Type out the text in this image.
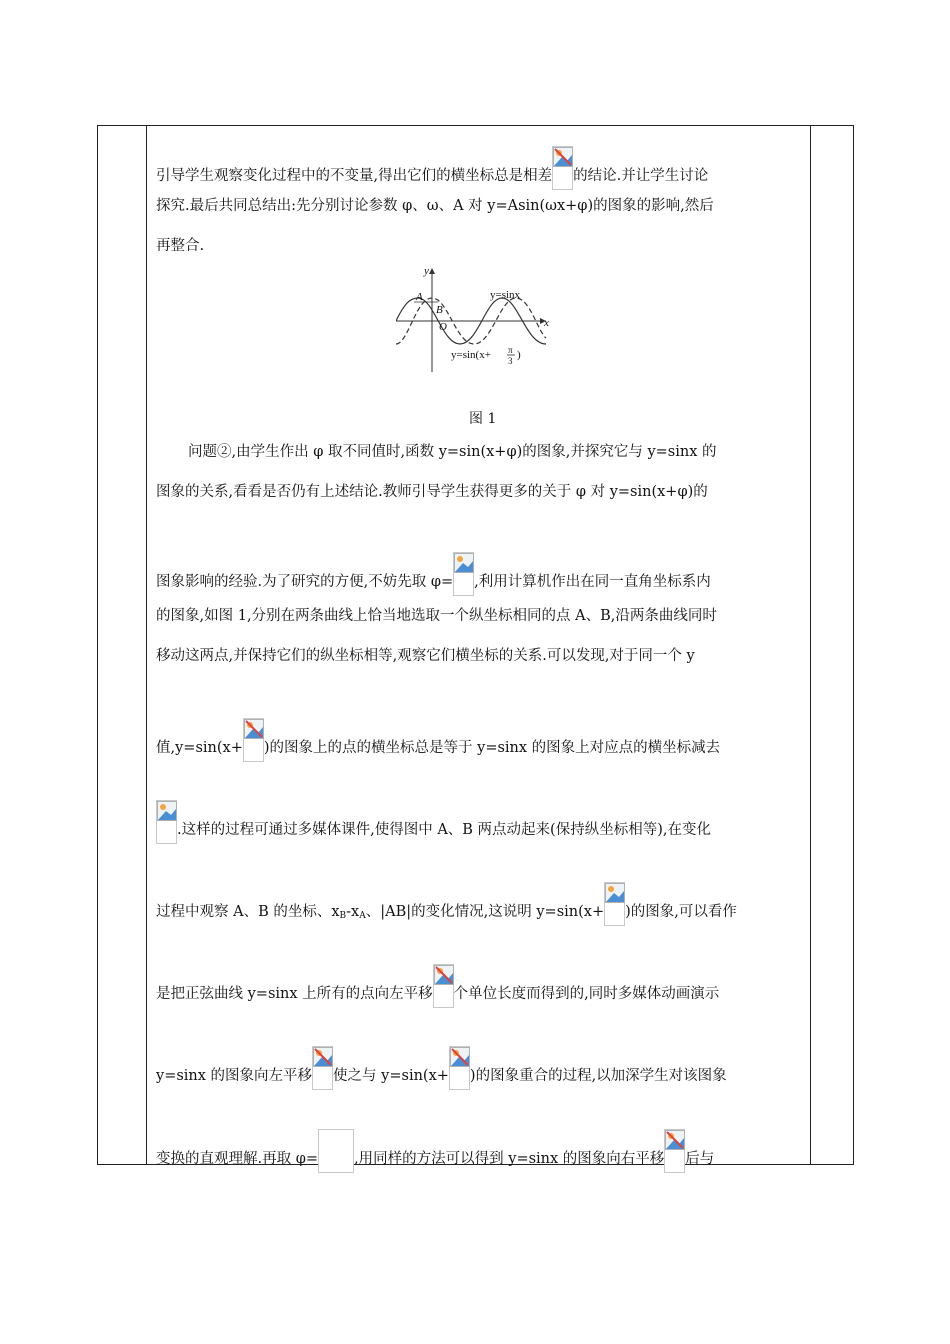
引导学生观察变化过程中的不变量,得出它们的横坐标总是相差 的结论.并让学生讨论
探究.最后共同总结出:先分别讨论参数 φ、ω、A 对 y=Asin(ωx+φ)的图象的影响,然后
再整合.
A
B
O
y
x
y=sinx
y=sin(x+ π
3 )
图 1
问题②,由学生作出 φ 取不同值时,函数 y=sin(x+φ)的图象,并探究它与 y=sinx 的
图象的关系,看看是否仍有上述结论.教师引导学生获得更多的关于 φ 对 y=sin(x+φ)的
图象影响的经验.为了研究的方便,不妨先取 φ= ,利用计算机作出在同一直角坐标系内
的图象,如图 1,分别在两条曲线上恰当地选取一个纵坐标相同的点 A、B,沿两条曲线同时
移动这两点,并保持它们的纵坐标相等,观察它们横坐标的关系.可以发现,对于同一个 y
值,y=sin(x+ )的图象上的点的横坐标总是等于 y=sinx 的图象上对应点的横坐标减去
.这样的过程可通过多媒体课件,使得图中 A、B 两点动起来(保持纵坐标相等),在变化
过程中观察 A、B 的坐标、$x_B-x_A$、|AB|的变化情况,这说明 y=sin(x+ )的图象,可以看作
是把正弦曲线 y=sinx 上所有的点向左平移 个单位长度而得到的,同时多媒体动画演示
y=sinx 的图象向左平移 使之与 y=sin(x+ )的图象重合的过程,以加深学生对该图象
变换的直观理解.再取 φ= ,用同样的方法可以得到 y=sinx 的图象向右平移 后与
